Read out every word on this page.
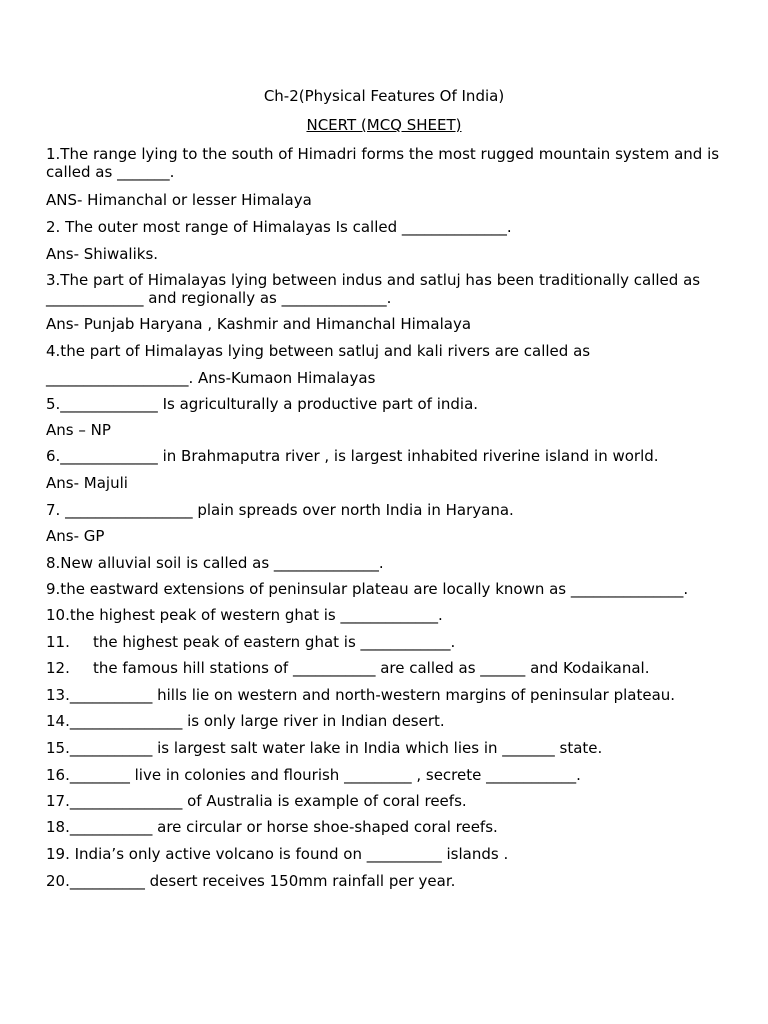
Ch-2(Physical Features Of India)
NCERT (MCQ SHEET)
1.The range lying to the south of Himadri forms the most rugged mountain system and is called as _______.
ANS- Himanchal or lesser Himalaya
2. The outer most range of Himalayas Is called ______________.
Ans- Shiwaliks.
3.The part of Himalayas lying between indus and satluj has been traditionally called as _____________ and regionally as ______________.
Ans- Punjab Haryana , Kashmir and Himanchal Himalaya
4.the part of Himalayas lying between satluj and kali rivers are called as
___________________. Ans-Kumaon Himalayas
5._____________ Is agriculturally a productive part of india.
Ans – NP
6._____________ in Brahmaputra river , is largest inhabited riverine island in world.
Ans- Majuli
7. _________________ plain spreads over north India in Haryana.
Ans- GP
8.New alluvial soil is called as ______________.
9.the eastward extensions of peninsular plateau are locally known as _______________.
10.the highest peak of western ghat is _____________.
11. the highest peak of eastern ghat is ____________.
12. the famous hill stations of ___________ are called as ______ and Kodaikanal.
13.___________ hills lie on western and north-western margins of peninsular plateau.
14._______________ is only large river in Indian desert.
15.___________ is largest salt water lake in India which lies in _______ state.
16.________ live in colonies and flourish _________ , secrete ____________.
17._______________ of Australia is example of coral reefs.
18.___________ are circular or horse shoe-shaped coral reefs.
19. India’s only active volcano is found on __________ islands .
20.__________ desert receives 150mm rainfall per year.
